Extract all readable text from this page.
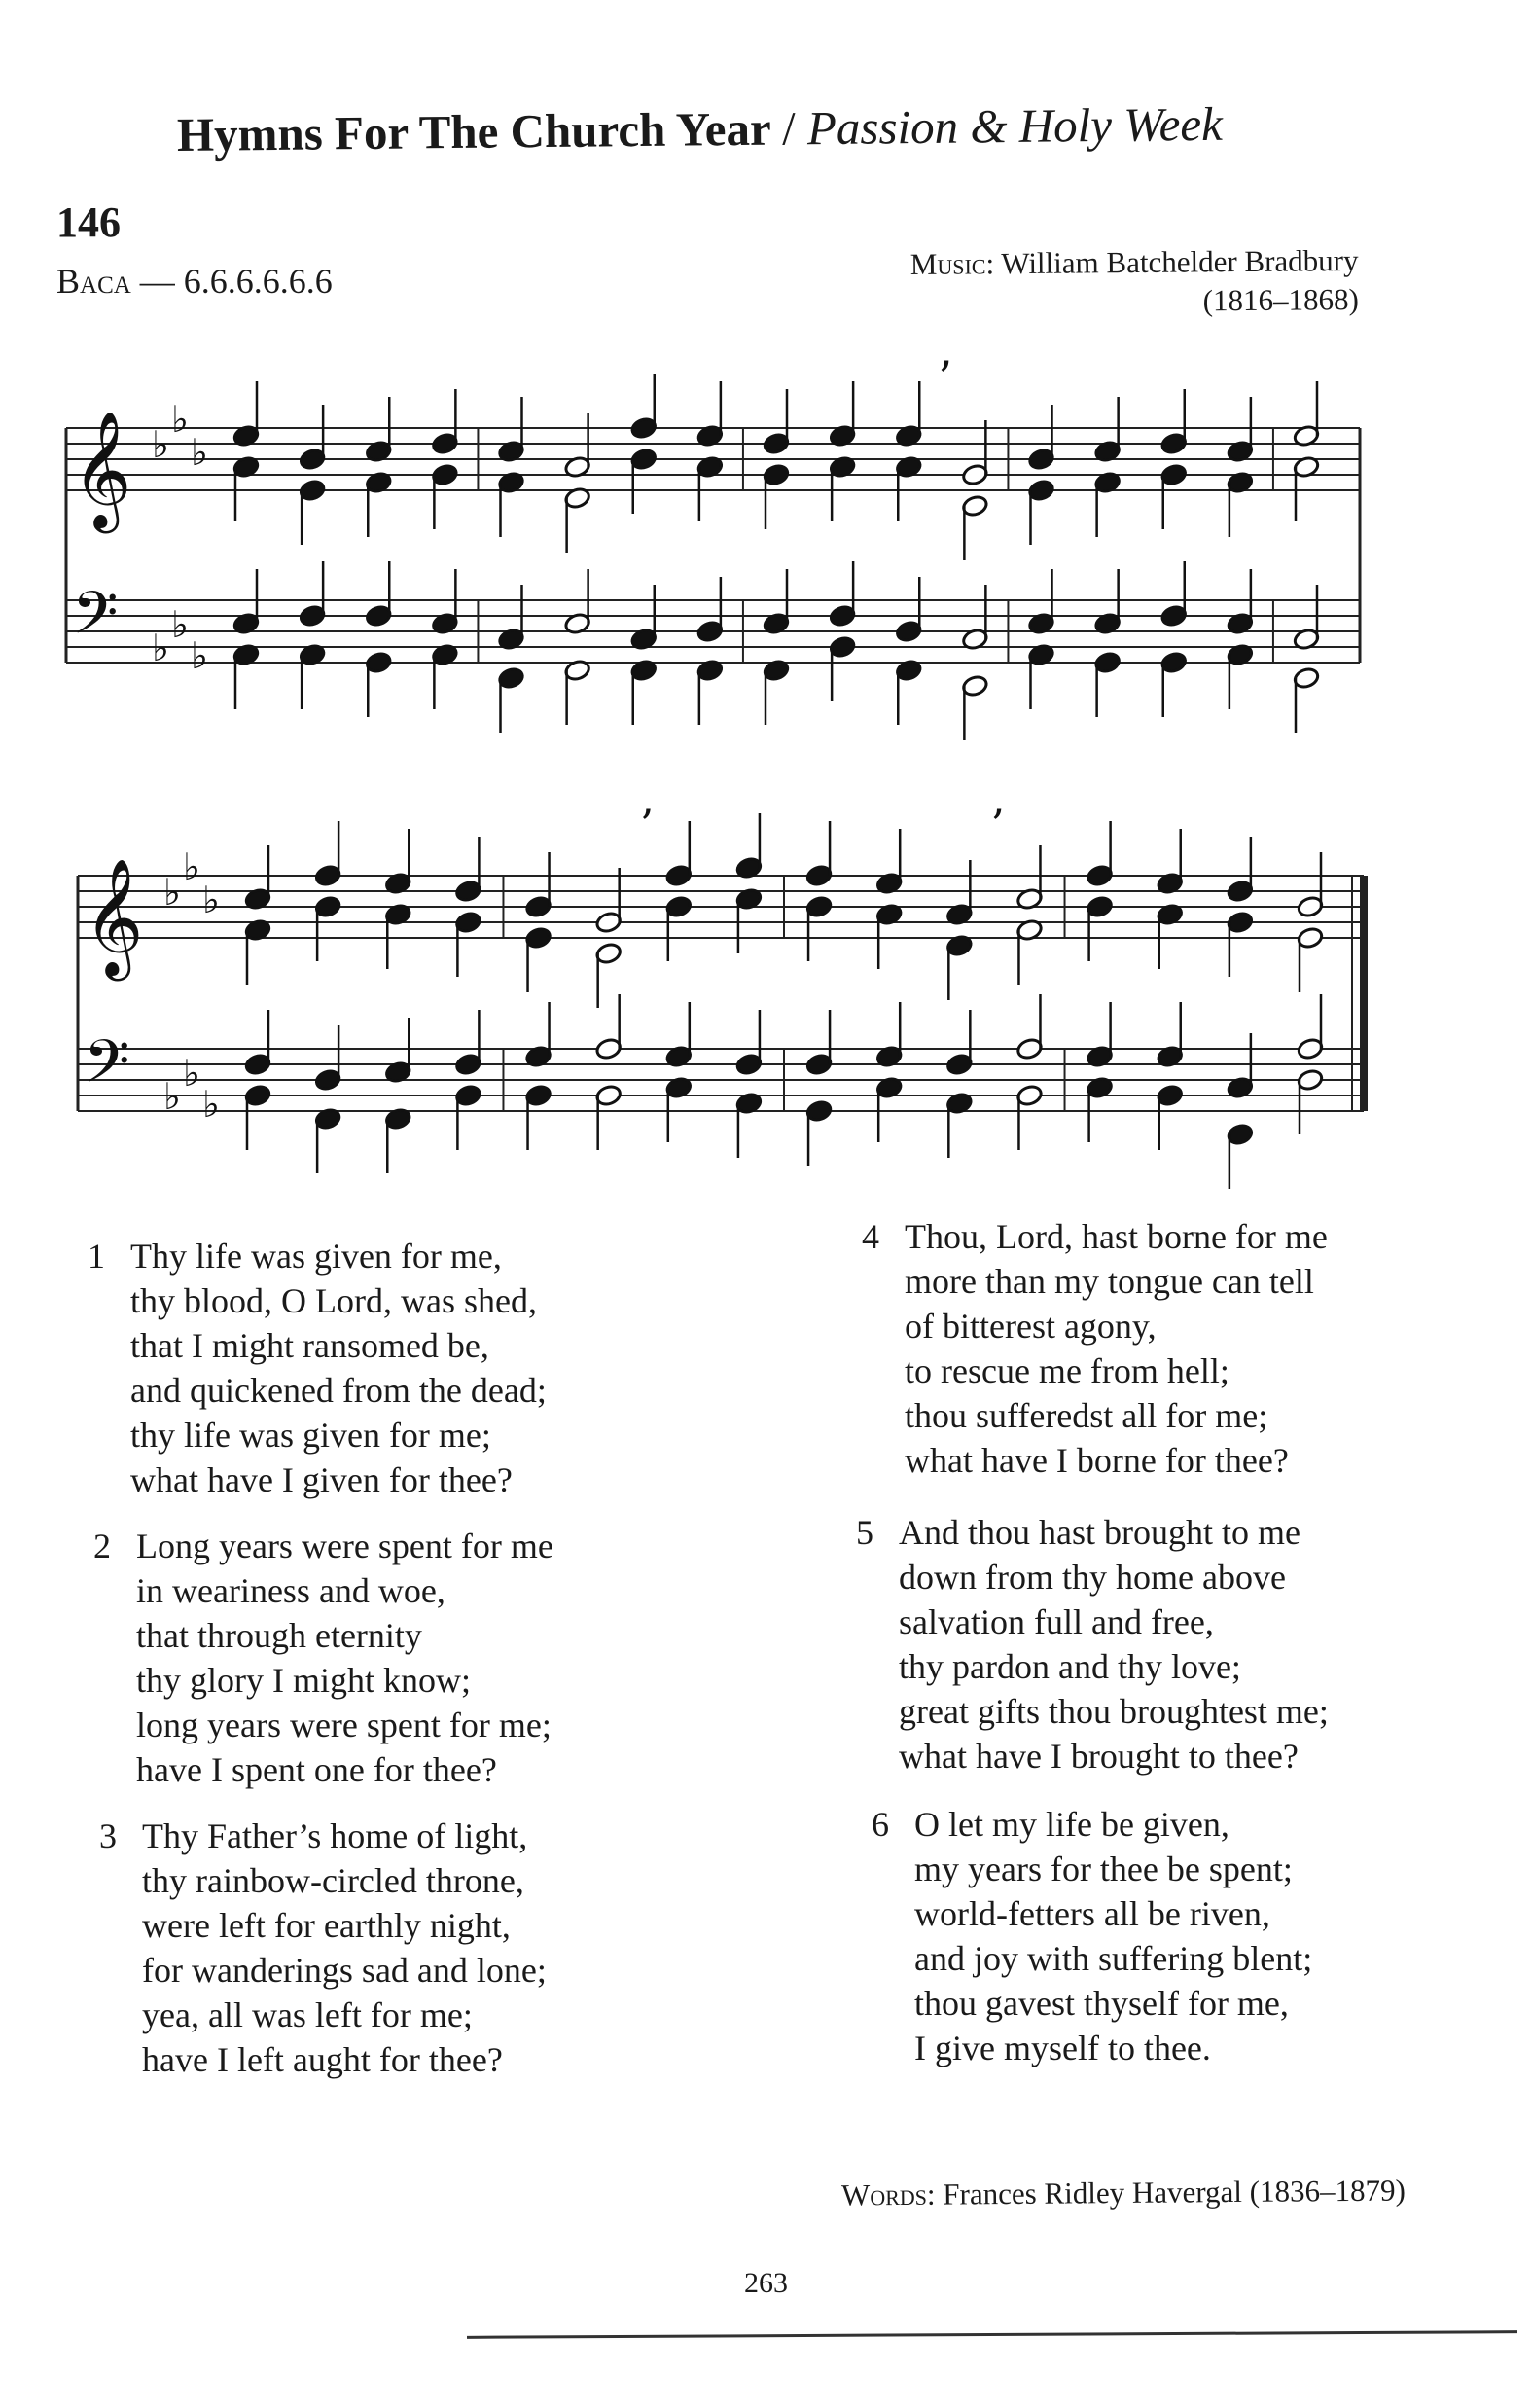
Hymns For The Church Year / Passion & Holy Week
146
Baca — 6.6.6.6.6.6	Music: William Batchelder Bradbury
(1816–1868)
𝄞 ♭
♭
♭
𝄢 ♭
♭
♭
’
𝄞 ♭
♭
♭
𝄢 ♭
♭
♭
’	’
1 Thy life was given for me,
thy blood, O Lord, was shed,
that I might ransomed be,
and quickened from the dead;
thy life was given for me;
what have I given for thee?
2 Long years were spent for me
in weariness and woe,
that through eternity
thy glory I might know;
long years were spent for me;
have I spent one for thee?
3 Thy Father’s home of light,
thy rainbow-circled throne,
were left for earthly night,
for wanderings sad and lone;
yea, all was left for me;
have I left aught for thee?
4 Thou, Lord, hast borne for me
more than my tongue can tell
of bitterest agony,
to rescue me from hell;
thou sufferedst all for me;
what have I borne for thee?
5 And thou hast brought to me
down from thy home above
salvation full and free,
thy pardon and thy love;
great gifts thou broughtest me;
what have I brought to thee?
6 O let my life be given,
my years for thee be spent;
world-fetters all be riven,
and joy with suffering blent;
thou gavest thyself for me,
I give myself to thee.
Words: Frances Ridley Havergal (1836–1879)
263
